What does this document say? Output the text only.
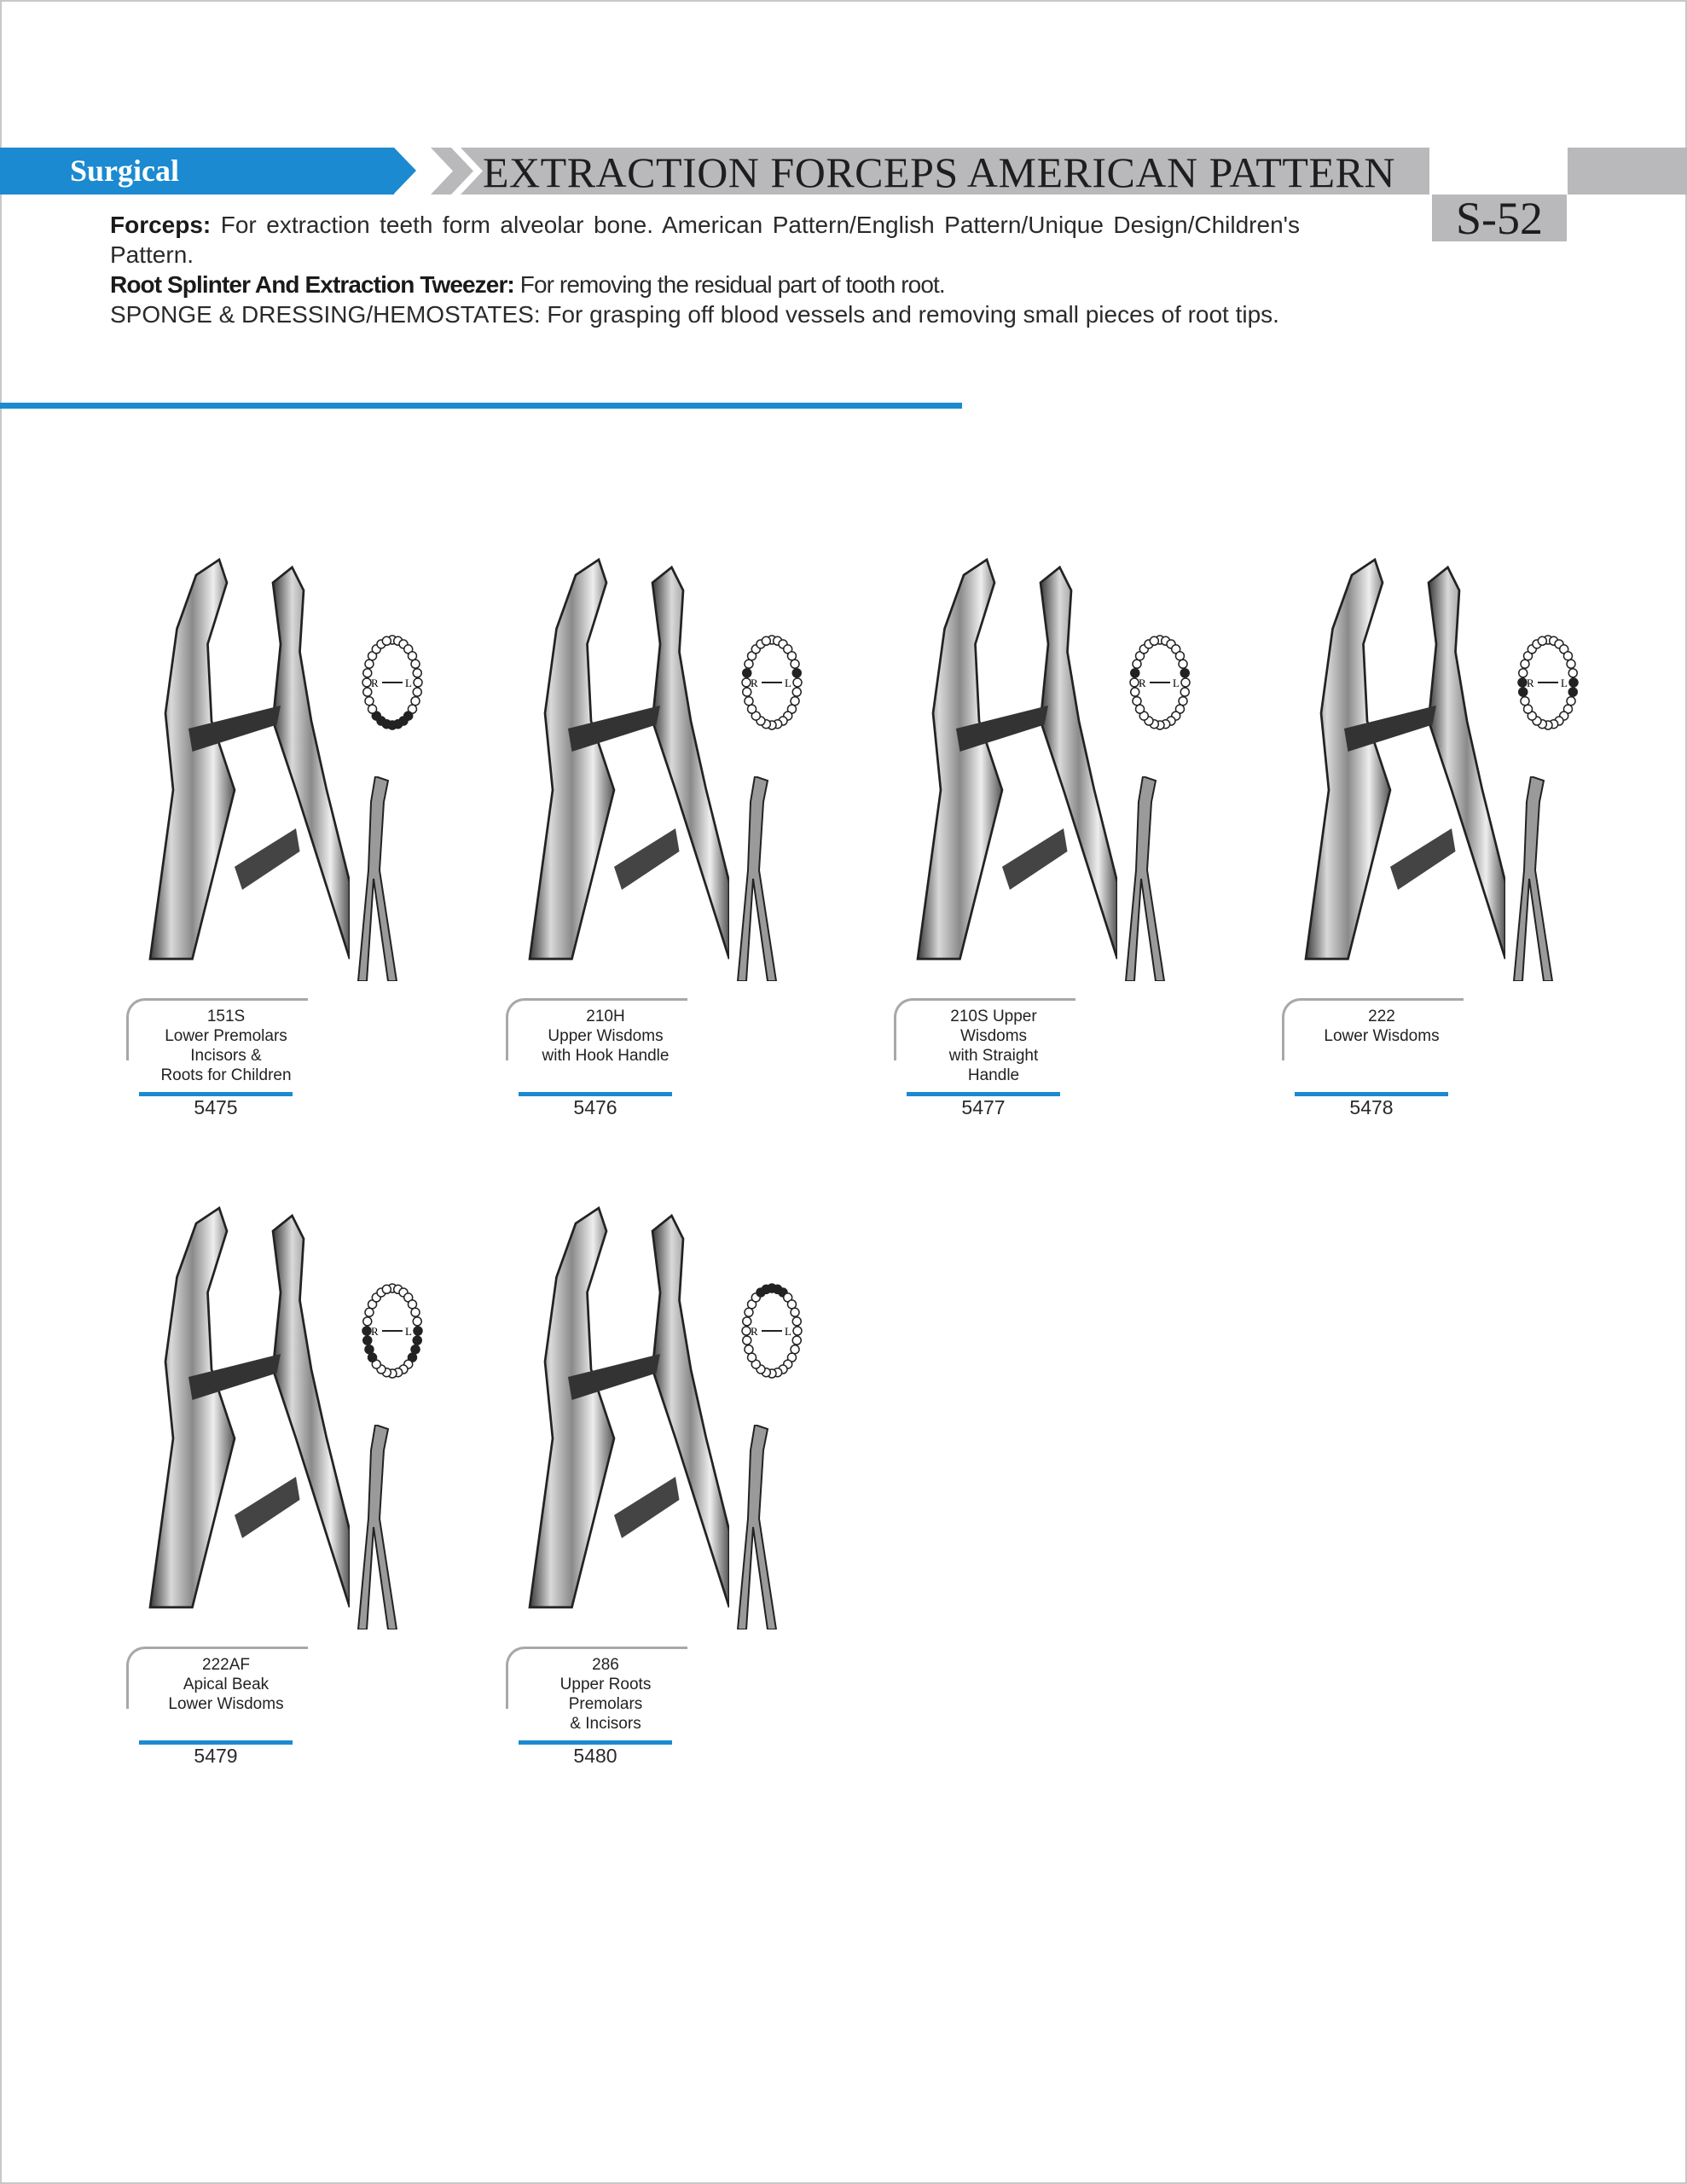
Surgical	EXTRACTION FORCEPS AMERICAN PATTERN
S-52

Forceps: For extraction teeth form alveolar bone. American Pattern/English Pattern/Unique Design/Children's Pattern.

Root Splinter And Extraction Tweezer: For removing the residual part of tooth root.

SPONGE & DRESSING/HEMOSTATES: For grasping off blood vessels and removing small pieces of root tips.

R L
151S
Lower Premolars
Incisors &
Roots for Children
5475
R L
210H
Upper Wisdoms
with Hook Handle
5476
R L
210S Upper
Wisdoms
with Straight
Handle
5477
R L
222
Lower Wisdoms
5478
R L
222AF
Apical Beak
Lower Wisdoms
5479
R L
286
Upper Roots
Premolars
& Incisors
5480
